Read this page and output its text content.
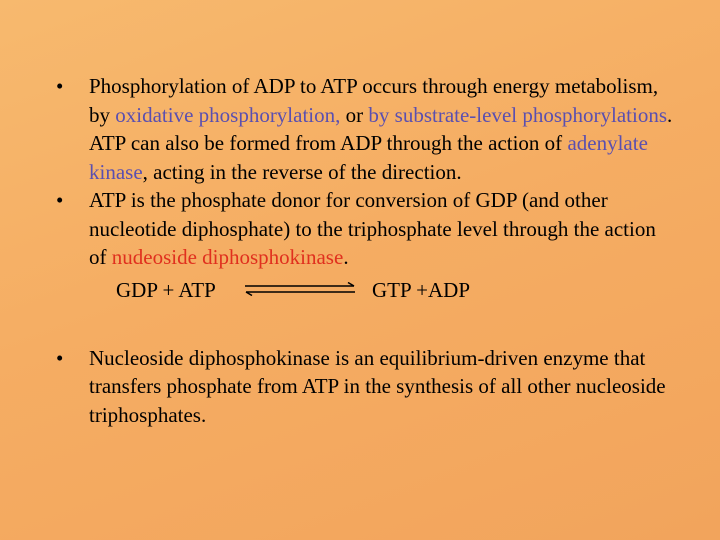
• Phosphorylation of ADP to ATP occurs through energy metabolism, by oxidative phosphorylation, or by substrate-level phosphorylations. ATP can also be formed from ADP through the action of adenylate kinase, acting in the reverse of the direction.

• ATP is the phosphate donor for conversion of GDP (and other nucleotide diphosphate) to the triphosphate level through the action of nudeoside diphosphokinase.

GDP + ATP	GTP +ADP

• Nucleoside diphosphokinase is an equilibrium-driven enzyme that transfers phosphate from ATP in the synthesis of all other nucleoside triphosphates.
